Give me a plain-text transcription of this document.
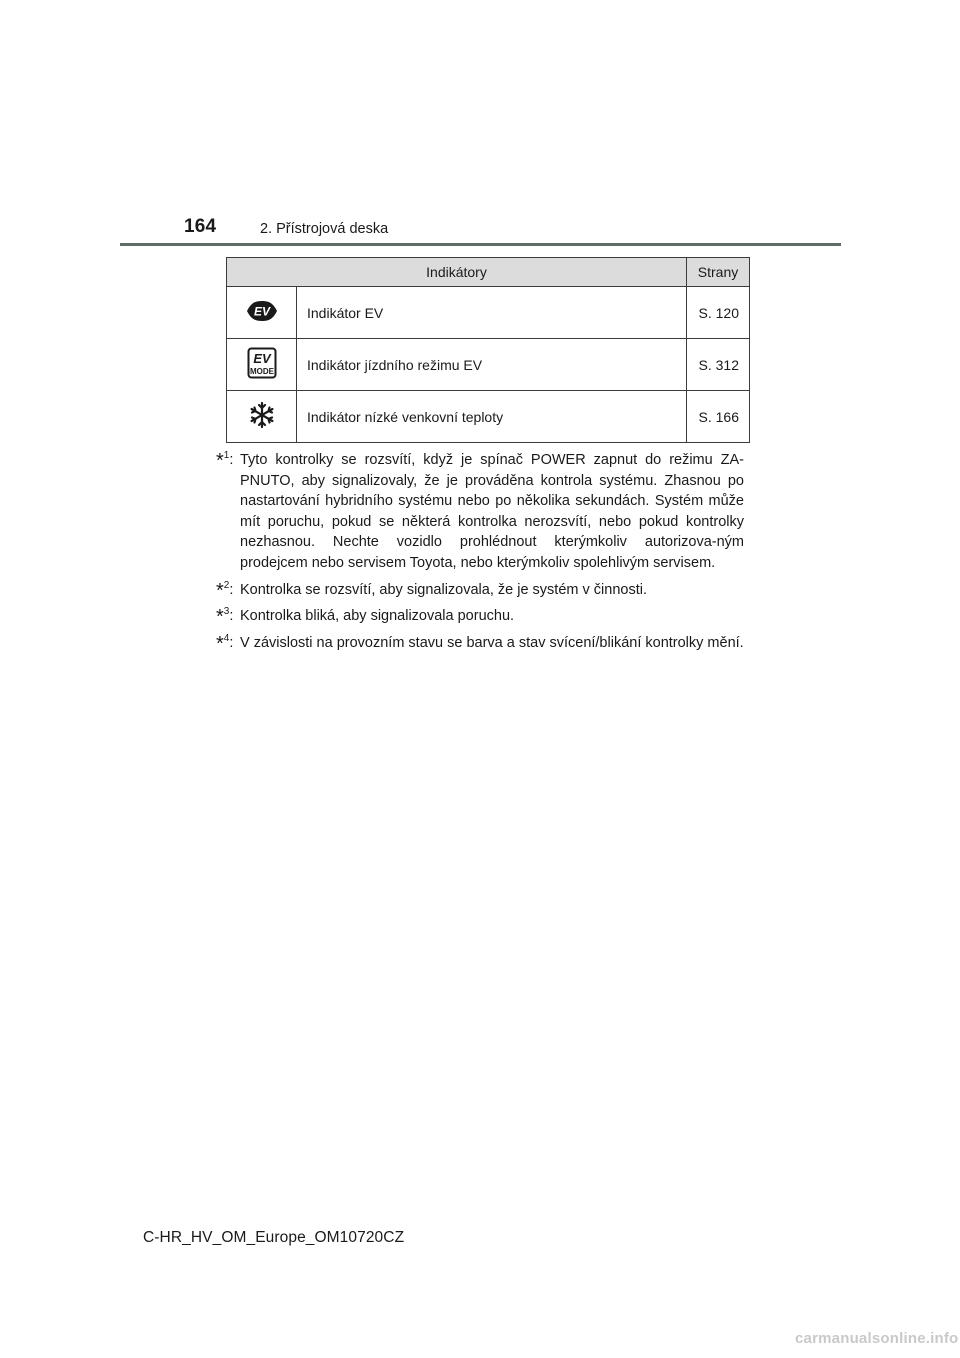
164	2. Přístrojová deska
Indikátory		Strany

EV	Indikátor EV	S. 120

EV
MODE	Indikátor jízdního režimu EV	S. 312
	Indikátor nízké venkovní teploty	S. 166
*$^1$: Tyto kontrolky se rozsvítí, když je spínač POWER zapnut do režimu ZA-PNUTO, aby signalizovaly, že je prováděna kontrola systému. Zhasnou po nastartování hybridního systému nebo po několika sekundách. Systém může mít poruchu, pokud se některá kontrolka nerozsvítí, nebo pokud kontrolky nezhasnou. Nechte vozidlo prohlédnout kterýmkoliv autorizova-ným prodejcem nebo servisem Toyota, nebo kterýmkoliv spolehlivým servisem.
*$^2$: Kontrolka se rozsvítí, aby signalizovala, že je systém v činnosti.
*$^3$: Kontrolka bliká, aby signalizovala poruchu.
*$^4$: V závislosti na provozním stavu se barva a stav svícení/blikání kontrolky mění.
C-HR_HV_OM_Europe_OM10720CZ
carmanualsonline.info
